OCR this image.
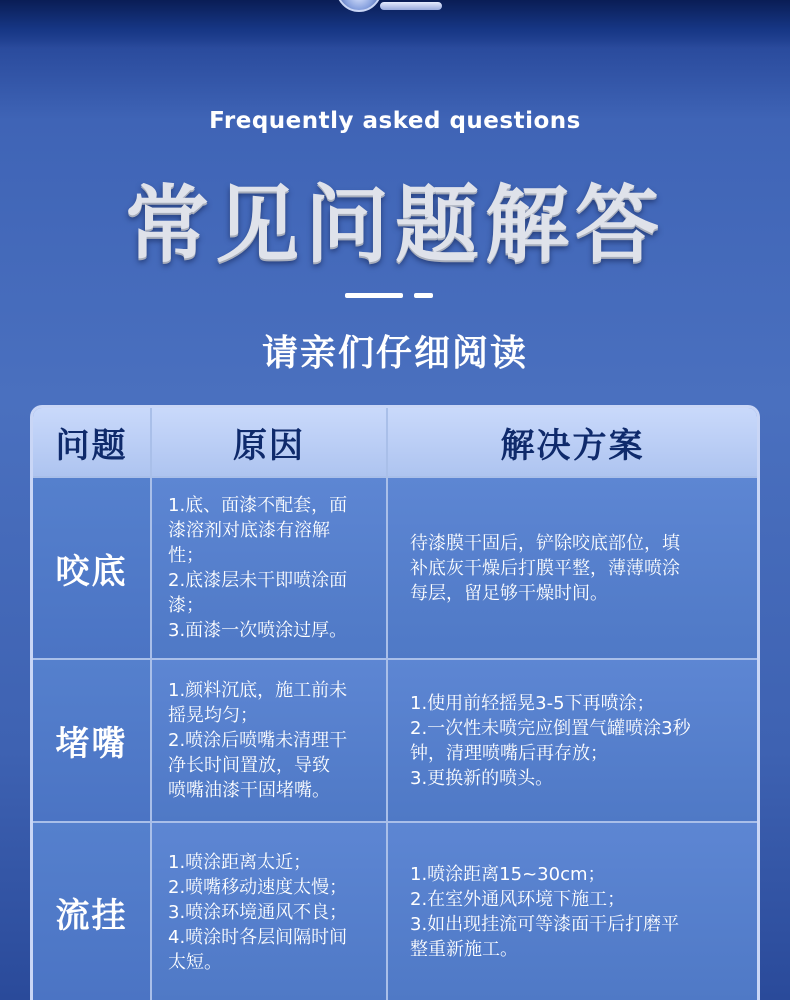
Frequently asked questions
常见问题解答
请亲们仔细阅读
问题	原因	解决方案
咬底
1.底、面漆不配套，面
漆溶剂对底漆有溶解
性；
2.底漆层未干即喷涂面
漆；
3.面漆一次喷涂过厚。
待漆膜干固后，铲除咬底部位，填
补底灰干燥后打膜平整，薄薄喷涂
每层，留足够干燥时间。
堵嘴
1.颜料沉底，施工前未
摇晃均匀；
2.喷涂后喷嘴未清理干
净长时间置放，导致
喷嘴油漆干固堵嘴。
1.使用前轻摇晃3-5下再喷涂；
2.一次性未喷完应倒置气罐喷涂3秒
钟，清理喷嘴后再存放；
3.更换新的喷头。
流挂
1.喷涂距离太近；
2.喷嘴移动速度太慢；
3.喷涂环境通风不良；
4.喷涂时各层间隔时间
太短。
1.喷涂距离15~30cm；
2.在室外通风环境下施工；
3.如出现挂流可等漆面干后打磨平
整重新施工。
